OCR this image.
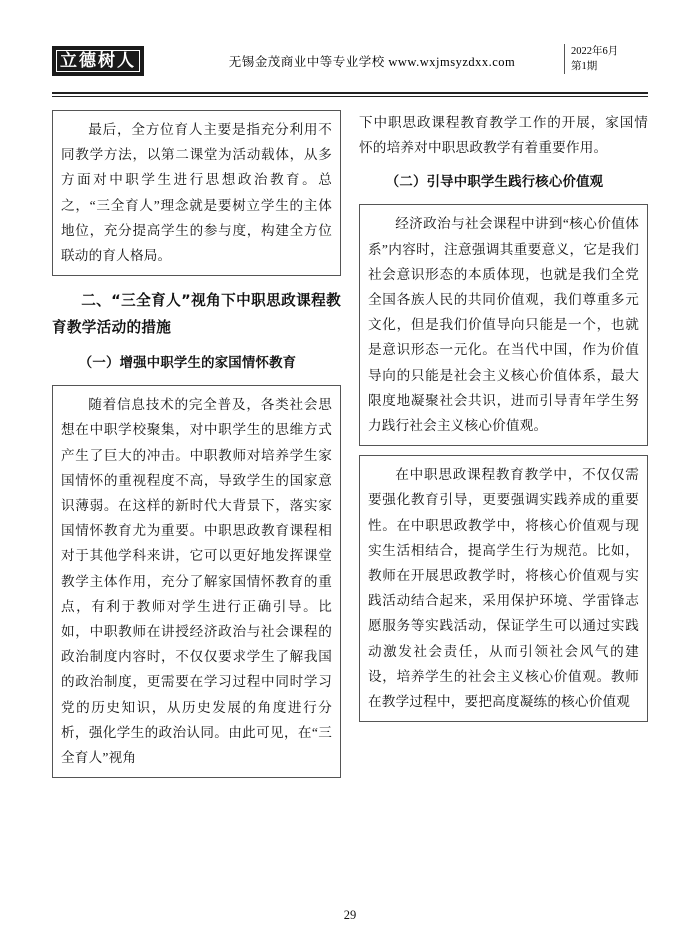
立德树人	无锡金茂商业中等专业学校 www.wxjmsyzdxx.com
2022年6月
第1期

最后，全方位育人主要是指充分利用不同教学方法，以第二课堂为活动载体，从多方面对中职学生进行思想政治教育。总之，“三全育人”理念就是要树立学生的主体地位，充分提高学生的参与度，构建全方位联动的育人格局。

二、“三全育人”视角下中职思政课程教育教学活动的措施
（一）增强中职学生的家国情怀教育

随着信息技术的完全普及，各类社会思想在中职学校聚集，对中职学生的思维方式产生了巨大的冲击。中职教师对培养学生家国情怀的重视程度不高，导致学生的国家意识薄弱。在这样的新时代大背景下，落实家国情怀教育尤为重要。中职思政教育课程相对于其他学科来讲，它可以更好地发挥课堂教学主体作用，充分了解家国情怀教育的重点，有利于教师对学生进行正确引导。比如，中职教师在讲授经济政治与社会课程的政治制度内容时，不仅仅要求学生了解我国的政治制度，更需要在学习过程中同时学习党的历史知识，从历史发展的角度进行分析，强化学生的政治认同。由此可见，在“三全育人”视角

下中职思政课程教育教学工作的开展，家国情怀的培养对中职思政教学有着重要作用。

（二）引导中职学生践行核心价值观

经济政治与社会课程中讲到“核心价值体系”内容时，注意强调其重要意义，它是我们社会意识形态的本质体现，也就是我们全党全国各族人民的共同价值观，我们尊重多元文化，但是我们价值导向只能是一个，也就是意识形态一元化。在当代中国，作为价值导向的只能是社会主义核心价值体系，最大限度地凝聚社会共识，进而引导青年学生努力践行社会主义核心价值观。

在中职思政课程教育教学中，不仅仅需要强化教育引导，更要强调实践养成的重要性。在中职思政教学中，将核心价值观与现实生活相结合，提高学生行为规范。比如，教师在开展思政教学时，将核心价值观与实践活动结合起来，采用保护环境、学雷锋志愿服务等实践活动，保证学生可以通过实践动激发社会责任，从而引领社会风气的建设，培养学生的社会主义核心价值观。教师在教学过程中，要把高度凝练的核心价值观

29
